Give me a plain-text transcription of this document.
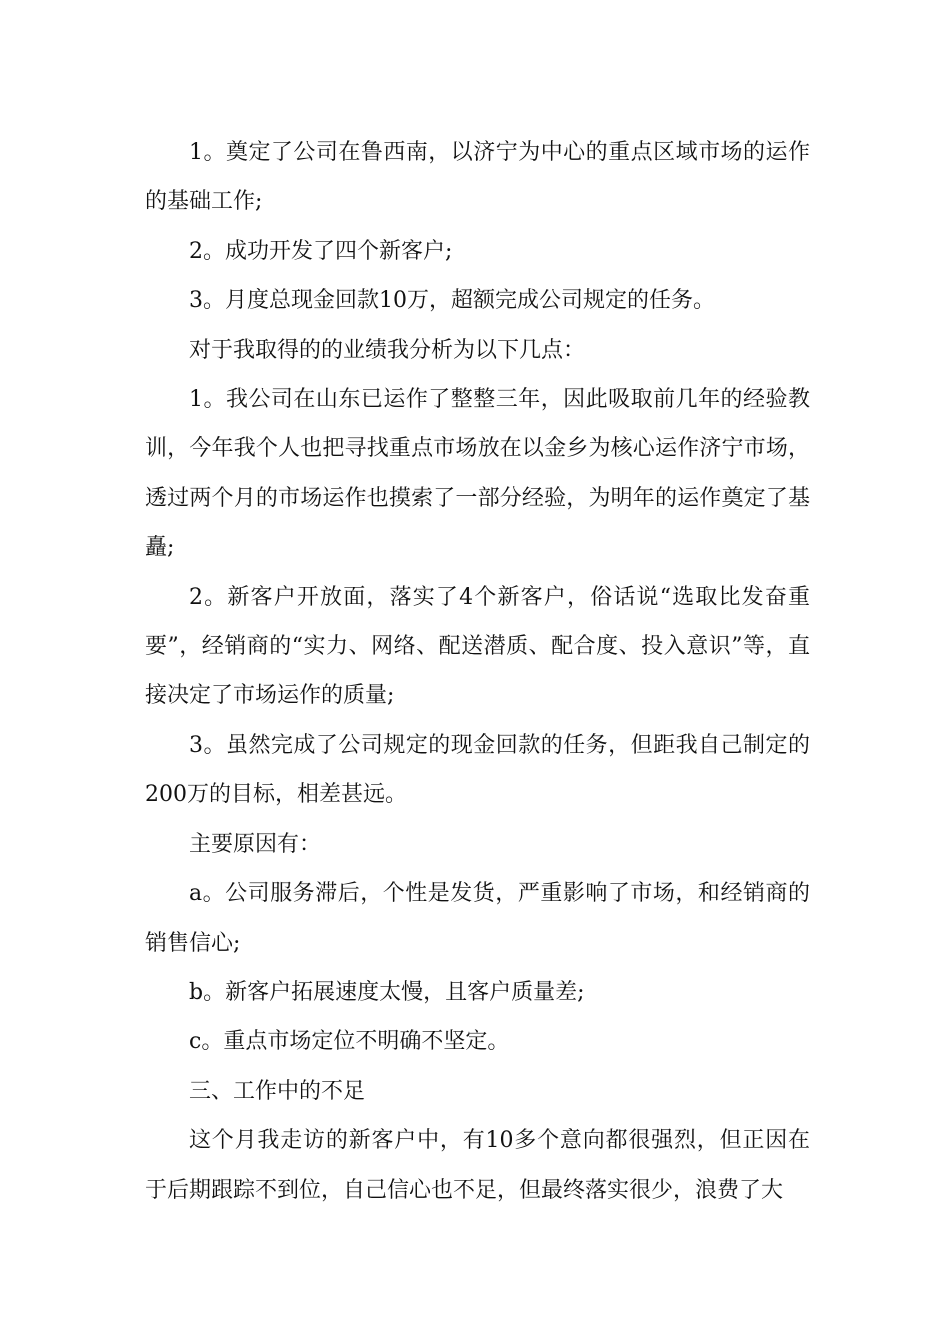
1。奠定了公司在鲁西南，以济宁为中心的重点区域市场的运作的基础工作;

2。成功开发了四个新客户;

3。月度总现金回款10万，超额完成公司规定的任务。

对于我取得的的业绩我分析为以下几点：

1。我公司在山东已运作了整整三年，因此吸取前几年的经验教训，今年我个人也把寻找重点市场放在以金乡为核心运作济宁市场，透过两个月的市场运作也摸索了一部分经验，为明年的运作奠定了基矗;

2。新客户开放面，落实了4个新客户，俗话说“选取比发奋重要”，经销商的“实力、网络、配送潜质、配合度、投入意识”等，直接决定了市场运作的质量;

3。虽然完成了公司规定的现金回款的任务，但距我自己制定的200万的目标，相差甚远。

主要原因有：

a。公司服务滞后，个性是发货，严重影响了市场，和经销商的销售信心;

b。新客户拓展速度太慢，且客户质量差;

c。重点市场定位不明确不坚定。

三、工作中的不足

这个月我走访的新客户中，有10多个意向都很强烈，但正因在于后期跟踪不到位，自己信心也不足，但最终落实很少，浪费了大
